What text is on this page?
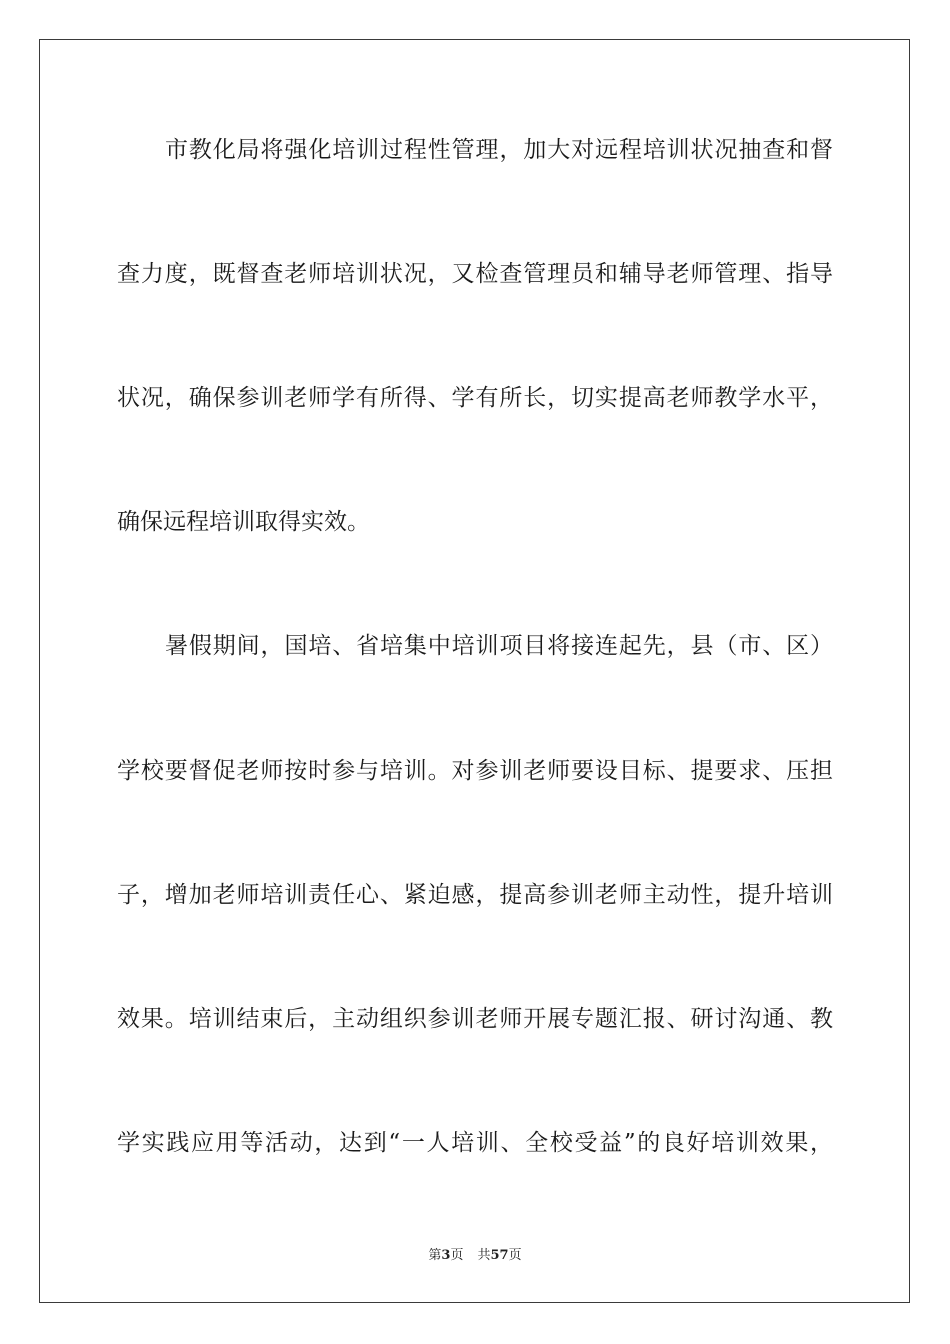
市教化局将强化培训过程性管理，加大对远程培训状况抽查和督
查力度，既督查老师培训状况，又检查管理员和辅导老师管理、指导
状况，确保参训老师学有所得、学有所长，切实提高老师教学水平，
确保远程培训取得实效。
暑假期间，国培、省培集中培训项目将接连起先，县（市、区）
学校要督促老师按时参与培训。对参训老师要设目标、提要求、压担
子，增加老师培训责任心、紧迫感，提高参训老师主动性，提升培训
效果。培训结束后，主动组织参训老师开展专题汇报、研讨沟通、教
学实践应用等活动，达到“一人培训、全校受益”的良好培训效果，
第3页 共57页
